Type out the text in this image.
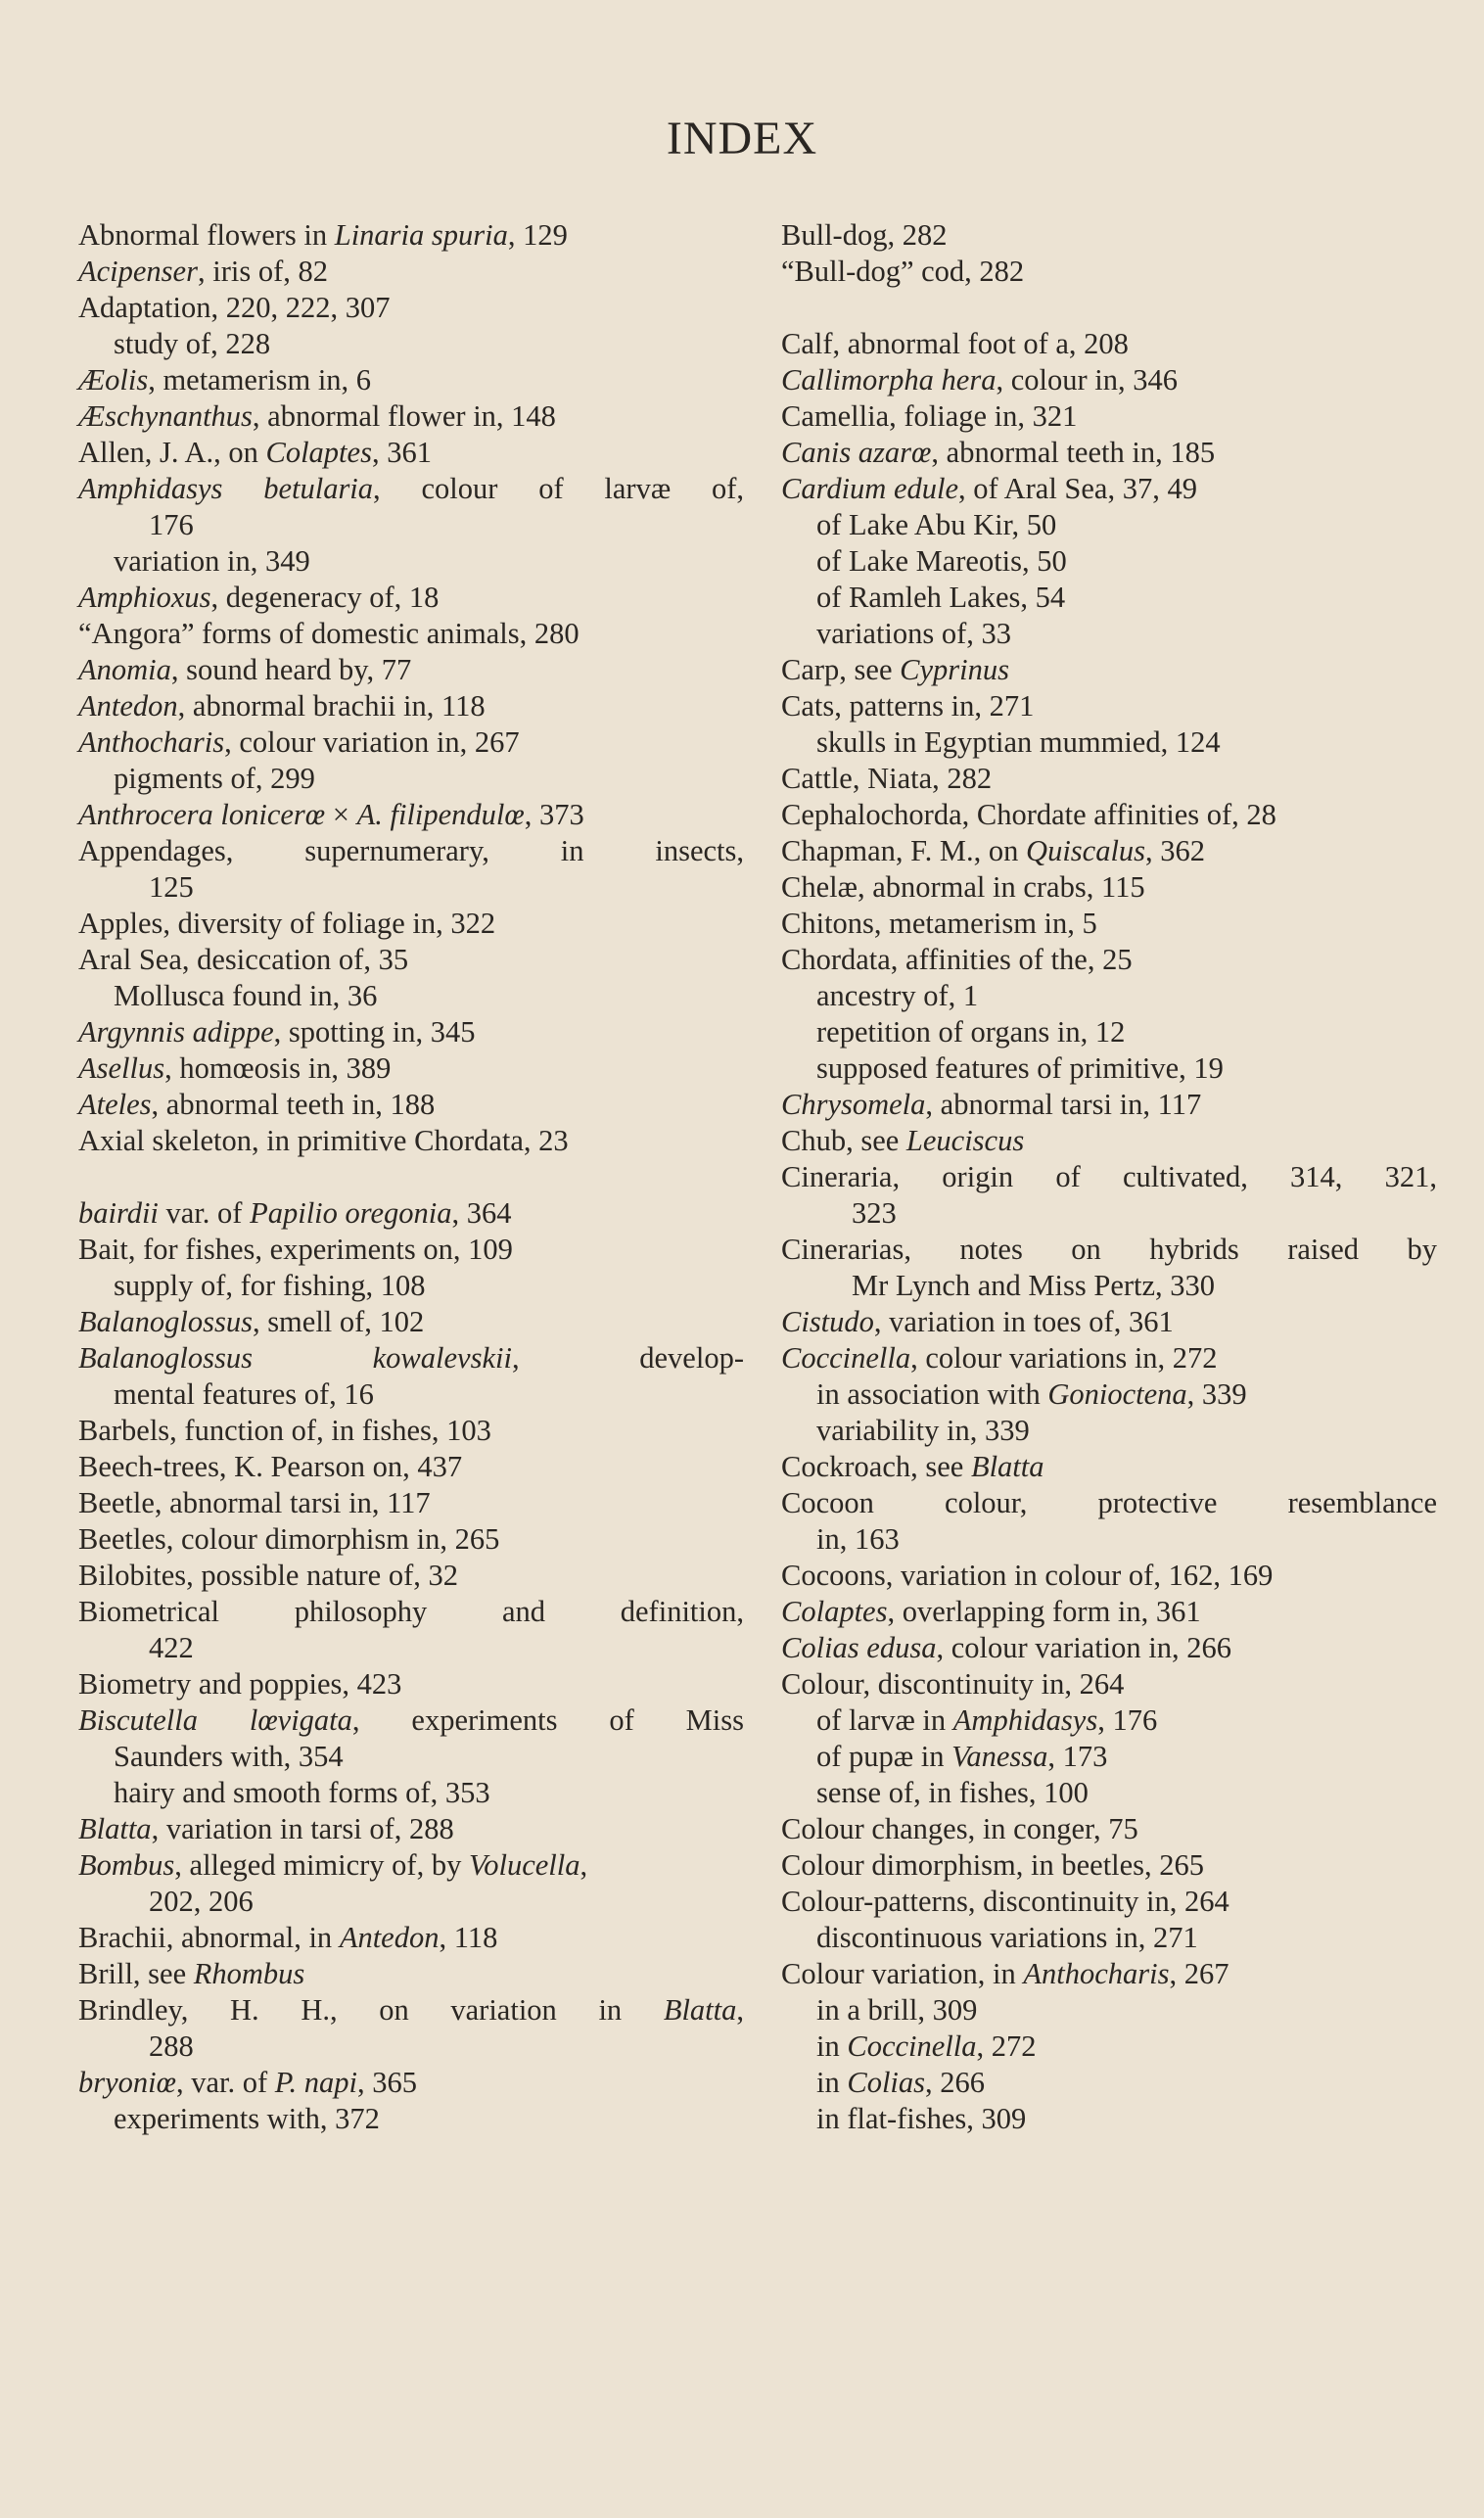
INDEX
Abnormal flowers in Linaria spuria, 129
Acipenser, iris of, 82
Adaptation, 220, 222, 307
study of, 228
Æolis, metamerism in, 6
Æschynanthus, abnormal flower in, 148
Allen, J. A., on Colaptes, 361
Amphidasys betularia, colour of larvæ of,
176
variation in, 349
Amphioxus, degeneracy of, 18
“Angora” forms of domestic animals, 280
Anomia, sound heard by, 77
Antedon, abnormal brachii in, 118
Anthocharis, colour variation in, 267
pigments of, 299
Anthrocera lonicerœ × A. filipendulœ, 373
Appendages, supernumerary, in insects,
125
Apples, diversity of foliage in, 322
Aral Sea, desiccation of, 35
Mollusca found in, 36
Argynnis adippe, spotting in, 345
Asellus, homœosis in, 389
Ateles, abnormal teeth in, 188
Axial skeleton, in primitive Chordata, 23
bairdii var. of Papilio oregonia, 364
Bait, for fishes, experiments on, 109
supply of, for fishing, 108
Balanoglossus, smell of, 102
Balanoglossus kowalevskii, develop-
mental features of, 16
Barbels, function of, in fishes, 103
Beech-trees, K. Pearson on, 437
Beetle, abnormal tarsi in, 117
Beetles, colour dimorphism in, 265
Bilobites, possible nature of, 32
Biometrical philosophy and definition,
422
Biometry and poppies, 423
Biscutella lœvigata, experiments of Miss
Saunders with, 354
hairy and smooth forms of, 353
Blatta, variation in tarsi of, 288
Bombus, alleged mimicry of, by Volucella,
202, 206
Brachii, abnormal, in Antedon, 118
Brill, see Rhombus
Brindley, H. H., on variation in Blatta,
288
bryoniœ, var. of P. napi, 365
experiments with, 372
Bull-dog, 282
“Bull-dog” cod, 282
Calf, abnormal foot of a, 208
Callimorpha hera, colour in, 346
Camellia, foliage in, 321
Canis azarœ, abnormal teeth in, 185
Cardium edule, of Aral Sea, 37, 49
of Lake Abu Kir, 50
of Lake Mareotis, 50
of Ramleh Lakes, 54
variations of, 33
Carp, see Cyprinus
Cats, patterns in, 271
skulls in Egyptian mummied, 124
Cattle, Niata, 282
Cephalochorda, Chordate affinities of, 28
Chapman, F. M., on Quiscalus, 362
Chelæ, abnormal in crabs, 115
Chitons, metamerism in, 5
Chordata, affinities of the, 25
ancestry of, 1
repetition of organs in, 12
supposed features of primitive, 19
Chrysomela, abnormal tarsi in, 117
Chub, see Leuciscus
Cineraria, origin of cultivated, 314, 321,
323
Cinerarias, notes on hybrids raised by
Mr Lynch and Miss Pertz, 330
Cistudo, variation in toes of, 361
Coccinella, colour variations in, 272
in association with Gonioctena, 339
variability in, 339
Cockroach, see Blatta
Cocoon colour, protective resemblance
in, 163
Cocoons, variation in colour of, 162, 169
Colaptes, overlapping form in, 361
Colias edusa, colour variation in, 266
Colour, discontinuity in, 264
of larvæ in Amphidasys, 176
of pupæ in Vanessa, 173
sense of, in fishes, 100
Colour changes, in conger, 75
Colour dimorphism, in beetles, 265
Colour-patterns, discontinuity in, 264
discontinuous variations in, 271
Colour variation, in Anthocharis, 267
in a brill, 309
in Coccinella, 272
in Colias, 266
in flat-fishes, 309
